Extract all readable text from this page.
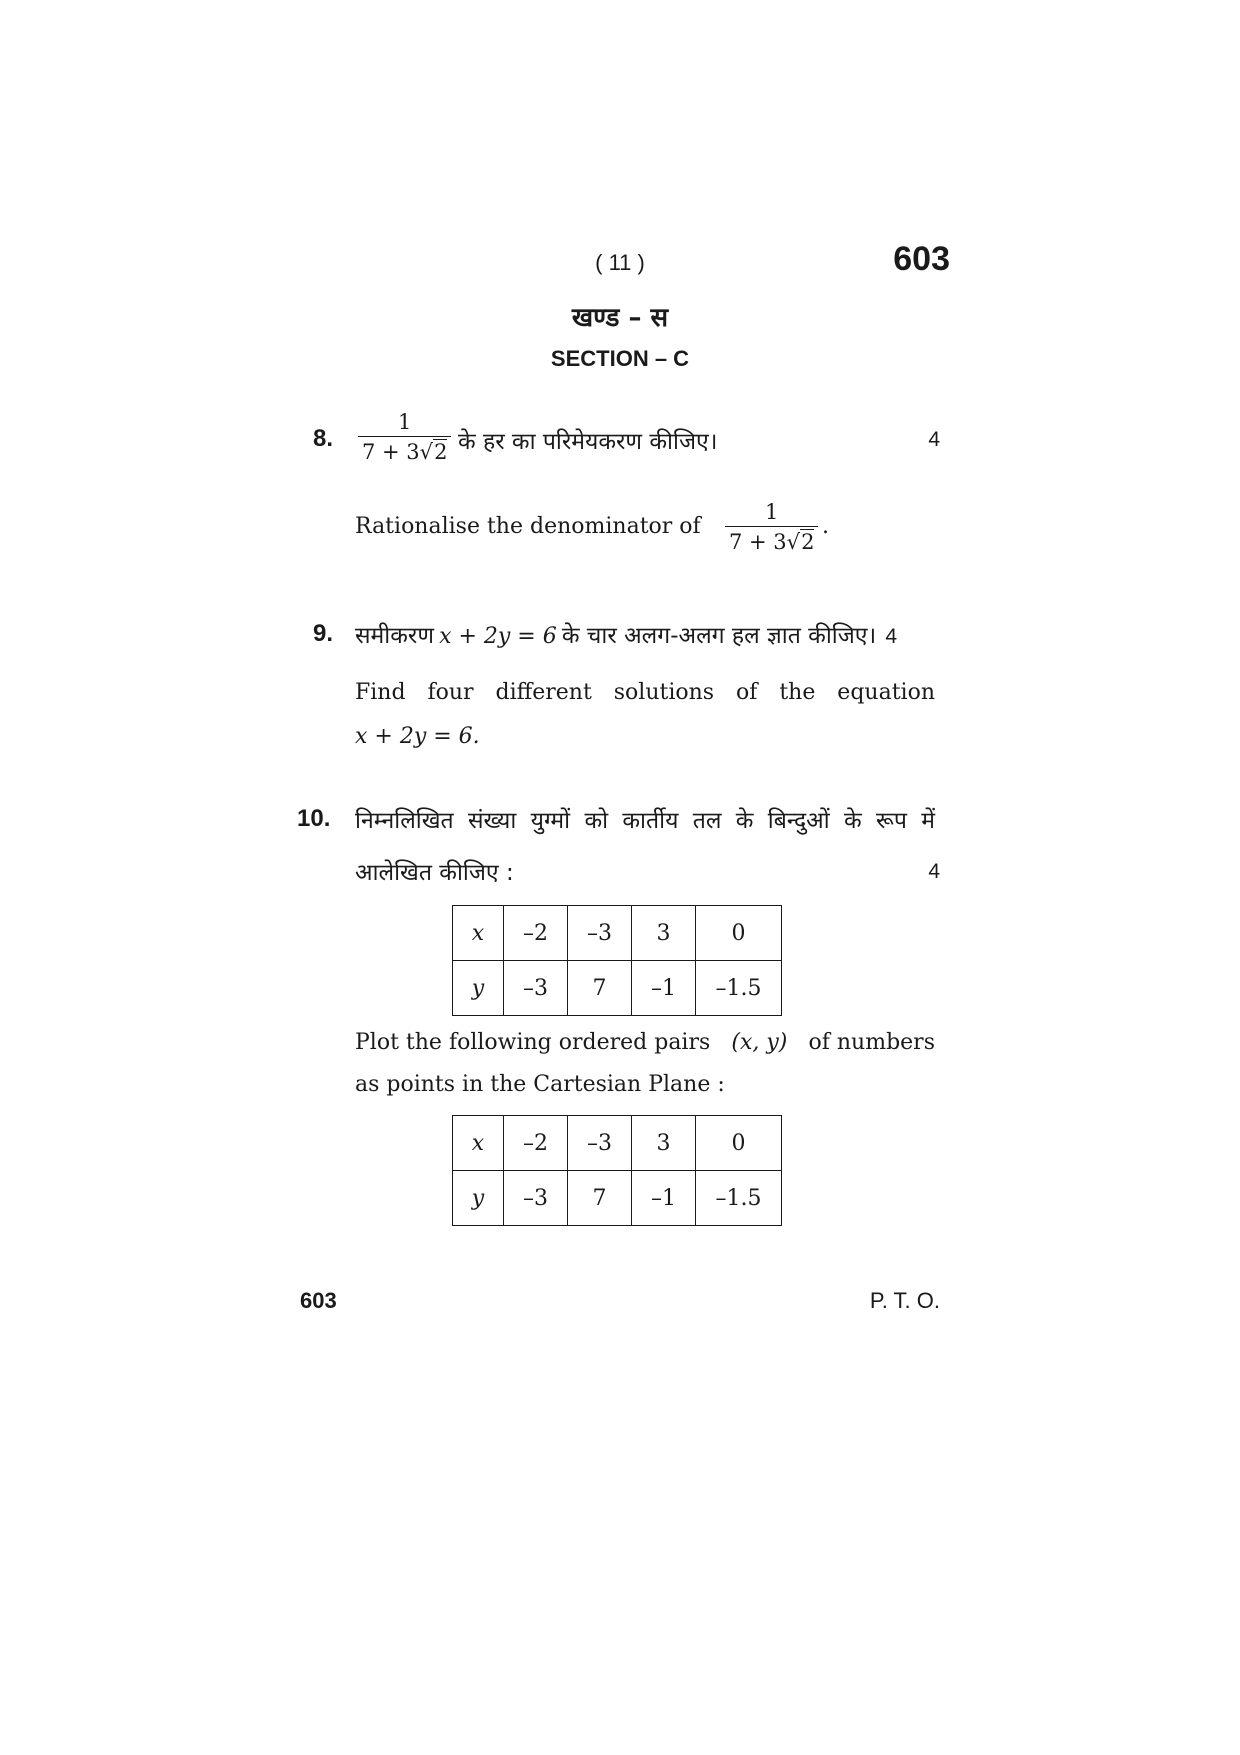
( 11 )	603
खण्ड – स
SECTION – C
8. $\frac{1}{7 + 3√2}$ के हर का परिमेयकरण कीजिए।	4
Rationalise the denominator of $\frac{1}{7 + 3√2}$ .
9. समीकरण x + 2y = 6 के चार अलग-अलग हल ज्ञात कीजिए। 4
Find four different solutions of the equation
x + 2y = 6.
10. निम्नलिखित संख्या युग्मों को कार्तीय तल के बिन्दुओं के रूप में
आलेखित कीजिए :	4
x	–2	–3	3	0
y	–3	7	–1	–1.5
Plot the following ordered pairs (x, y) of numbers
as points in the Cartesian Plane :
x	–2	–3	3	0
y	–3	7	–1	–1.5
603	P. T. O.
